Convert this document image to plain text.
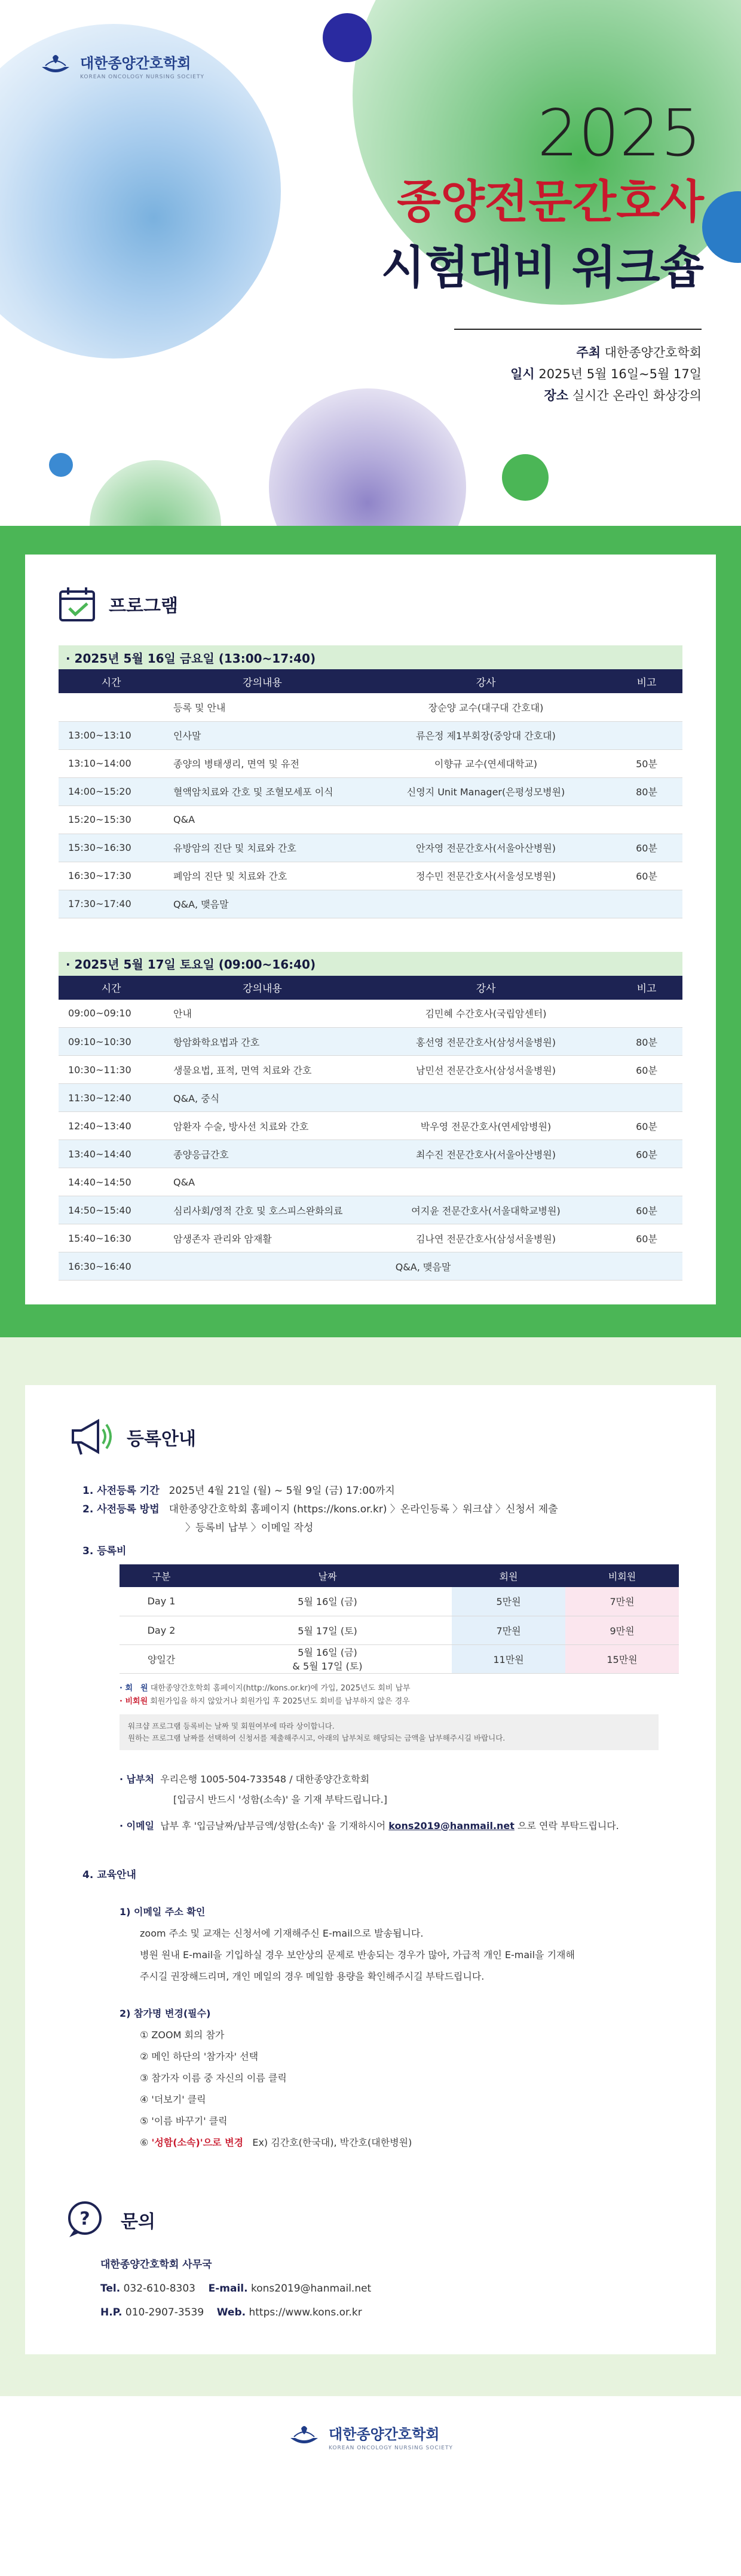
대한종양간호학회
KOREAN ONCOLOGY NURSING SOCIETY
2025
종양전문간호사
시험대비 워크숍
주최 대한종양간호학회
일시 2025년 5월 16일~5월 17일
장소 실시간 온라인 화상강의
프로그램
· 2025년 5월 16일 금요일 (13:00~17:40)
시간	강의내용	강사	비고
	등록 및 안내	장순양 교수(대구대 간호대)	
13:00~13:10	인사말	류은정 제1부회장(중앙대 간호대)	
13:10~14:00	종양의 병태생리, 면역 및 유전	이향규 교수(연세대학교)	50분
14:00~15:20	혈액암치료와 간호 및 조혈모세포 이식	신영지 Unit Manager(은평성모병원)	80분
15:20~15:30	Q&A		
15:30~16:30	유방암의 진단 및 치료와 간호	안자영 전문간호사(서울아산병원)	60분
16:30~17:30	폐암의 진단 및 치료와 간호	정수민 전문간호사(서울성모병원)	60분
17:30~17:40	Q&A, 맺음말		
· 2025년 5월 17일 토요일 (09:00~16:40)
시간	강의내용	강사	비고
09:00~09:10	안내	김민혜 수간호사(국립암센터)	
09:10~10:30	항암화학요법과 간호	홍선영 전문간호사(삼성서울병원)	80분
10:30~11:30	생물요법, 표적, 면역 치료와 간호	남민선 전문간호사(삼성서울병원)	60분
11:30~12:40	Q&A, 중식		
12:40~13:40	암환자 수술, 방사선 치료와 간호	박우영 전문간호사(연세암병원)	60분
13:40~14:40	종양응급간호	최수진 전문간호사(서울아산병원)	60분
14:40~14:50	Q&A		
14:50~15:40	심리사회/영적 간호 및 호스피스완화의료	여지윤 전문간호사(서울대학교병원)	60분
15:40~16:30	암생존자 관리와 암재활	김나연 전문간호사(삼성서울병원)	60분
16:30~16:40	Q&A, 맺음말		
등록안내
1. 사전등록 기간 2025년 4월 21일 (월) ~ 5월 9일 (금) 17:00까지
2. 사전등록 방법 대한종양간호학회 홈페이지 (https://kons.or.kr) 〉온라인등록 〉워크샵 〉신청서 제출
〉등록비 납부 〉이메일 작성
3. 등록비
구분	날짜	회원	비회원
Day 1	5월 16일 (금)	5만원	7만원
Day 2	5월 17일 (토)	7만원	9만원
양일간	5월 16일 (금)
& 5월 17일 (토)	11만원	15만원
· 회　원 대한종양간호학회 홈페이지(http://kons.or.kr)에 가입, 2025년도 회비 납부
· 비회원 회원가입을 하지 않았거나 회원가입 후 2025년도 회비를 납부하지 않은 경우
워크샵 프로그램 등록비는 날짜 및 회원여부에 따라 상이합니다.
원하는 프로그램 날짜를 선택하여 신청서를 제출해주시고, 아래의 납부처로 해당되는 금액을 납부해주시길 바랍니다.
· 납부처 우리은행 1005-504-733548 / 대한종양간호학회
[입금시 반드시 '성함(소속)' 을 기재 부탁드립니다.]
· 이메일 납부 후 '입금날짜/납부금액/성함(소속)' 을 기재하시어 kons2019@hanmail.net 으로 연락 부탁드립니다.
4. 교육안내
1) 이메일 주소 확인
zoom 주소 및 교재는 신청서에 기재해주신 E-mail으로 발송됩니다.
병원 원내 E-mail을 기입하실 경우 보안상의 문제로 반송되는 경우가 많아, 가급적 개인 E-mail을 기재해
주시길 권장해드리며, 개인 메일의 경우 메일함 용량을 확인해주시길 부탁드립니다.
2) 참가명 변경(필수)
① ZOOM 회의 참가
② 메인 하단의 '참가자' 선택
③ 참가자 이름 중 자신의 이름 클릭
④ '더보기' 클릭
⑤ '이름 바꾸기' 클릭
⑥ '성함(소속)'으로 변경 Ex) 김간호(한국대), 박간호(대한병원)
? 문의
대한종양간호학회 사무국
Tel. 032-610-8303 E-mail. kons2019@hanmail.net
H.P. 010-2907-3539 Web. https://www.kons.or.kr
대한종양간호학회
KOREAN ONCOLOGY NURSING SOCIETY
